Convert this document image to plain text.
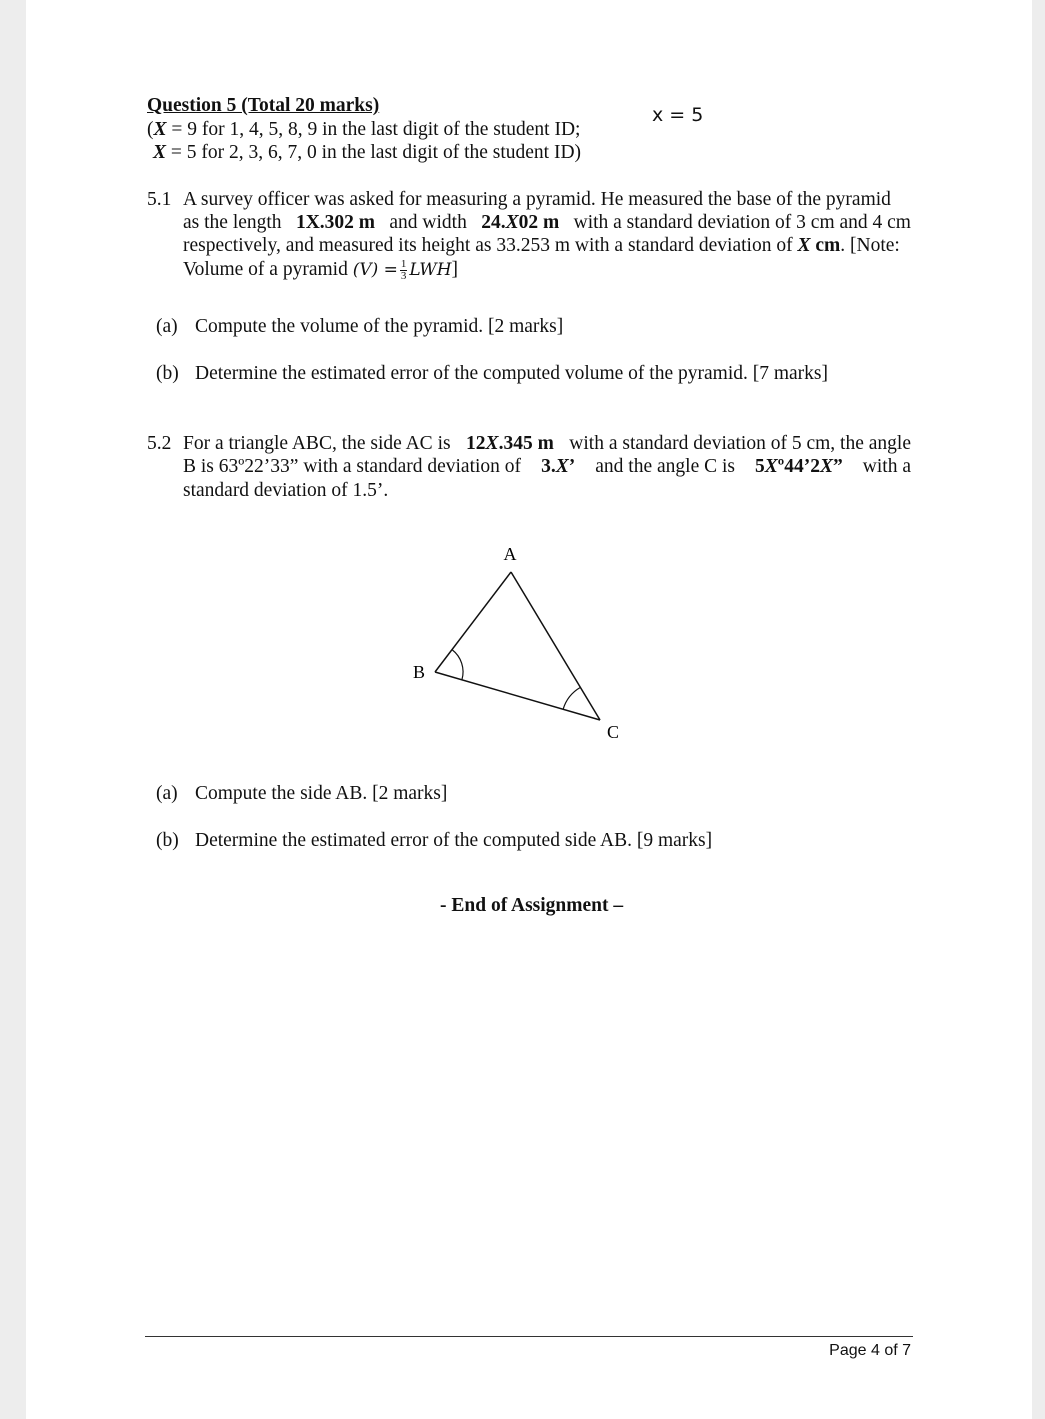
Question 5 (Total 20 marks)
(X = 9 for 1, 4, 5, 8, 9 in the last digit of the student ID;
X = 5 for 2, 3, 6, 7, 0 in the last digit of the student ID)
x = 5
5.1 A survey officer was asked for measuring a pyramid. He measured the base of the pyramid
as the length 1X.302 m and width 24.X02 m with a standard deviation of 3 cm and 4 cm
respectively, and measured its height as 33.253 m with a standard deviation of X cm. [Note:
Volume of a pyramid $(V) = \frac{1}{3} LWH$]
(a) Compute the volume of the pyramid. [2 marks]
(b) Determine the estimated error of the computed volume of the pyramid. [7 marks]
5.2 For a triangle ABC, the side AC is 12X.345 m with a standard deviation of 5 cm, the angle
B is 63º22’33” with a standard deviation of 3.X’ and the angle C is 5Xº44’2X” with a
standard deviation of 1.5’.
A
B
C
(a) Compute the side AB. [2 marks]
(b) Determine the estimated error of the computed side AB. [9 marks]
- End of Assignment –
Page 4 of 7
